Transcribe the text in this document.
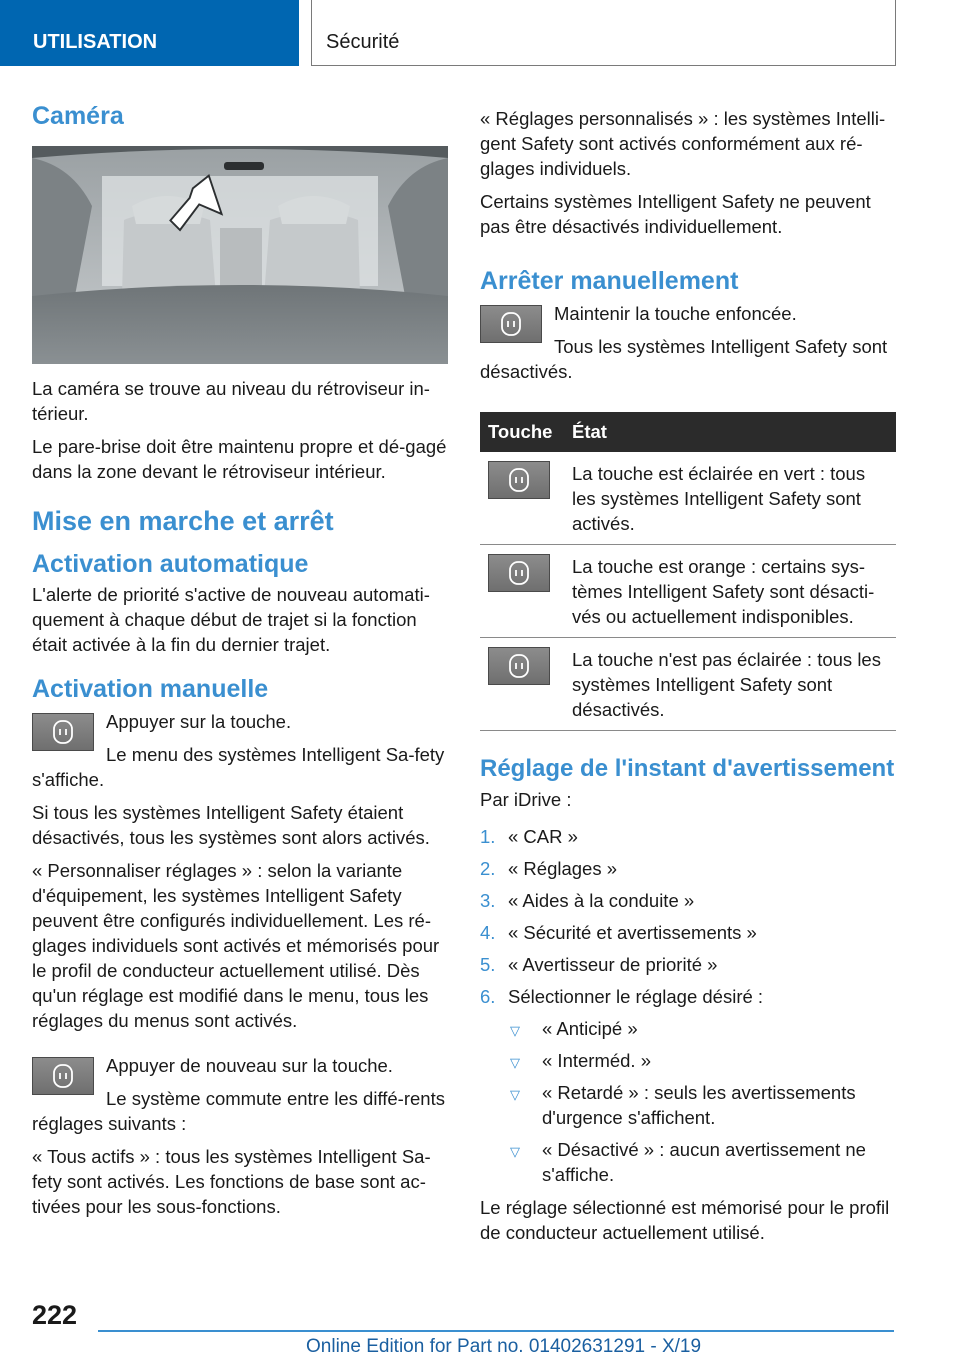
UTILISATION	Sécurité
Caméra

La caméra se trouve au niveau du rétroviseur in-térieur.

Le pare-brise doit être maintenu propre et dé-gagé dans la zone devant le rétroviseur intérieur.

Mise en marche et arrêt
Activation automatique

L'alerte de priorité s'active de nouveau automati-quement à chaque début de trajet si la fonction était activée à la fin du dernier trajet.

Activation manuelle

Appuyer sur la touche.

Le menu des systèmes Intelligent Sa-fety s'affiche.

Si tous les systèmes Intelligent Safety étaient désactivés, tous les systèmes sont alors activés.

« Personnaliser réglages » : selon la variante d'équipement, les systèmes Intelligent Safety peuvent être configurés individuellement. Les ré-glages individuels sont activés et mémorisés pour le profil de conducteur actuellement utilisé. Dès qu'un réglage est modifié dans le menu, tous les réglages du menus sont activés.

Appuyer de nouveau sur la touche.

Le système commute entre les diffé-rents réglages suivants :

« Tous actifs » : tous les systèmes Intelligent Sa-fety sont activés. Les fonctions de base sont ac-tivées pour les sous-fonctions.

« Réglages personnalisés » : les systèmes Intelli-gent Safety sont activés conformément aux ré-glages individuels.

Certains systèmes Intelligent Safety ne peuvent pas être désactivés individuellement.

Arrêter manuellement

Maintenir la touche enfoncée.

Tous les systèmes Intelligent Safety sont désactivés.

Touche	État

	La touche est éclairée en vert : tous les systèmes Intelligent Safety sont activés.

	La touche est orange : certains sys-tèmes Intelligent Safety sont désacti-vés ou actuellement indisponibles.

	La touche n'est pas éclairée : tous les systèmes Intelligent Safety sont désactivés.
Réglage de l'instant d'avertissement

Par iDrive :

1. « CAR »
2. « Réglages »
3. « Aides à la conduite »
4. « Sécurité et avertissements »
5. « Avertisseur de priorité »
6. Sélectionner le réglage désiré :
▽ « Anticipé »
▽ « Interméd. »
▽ « Retardé » : seuls les avertissements d'urgence s'affichent.
▽ « Désactivé » : aucun avertissement ne s'affiche.

Le réglage sélectionné est mémorisé pour le profil de conducteur actuellement utilisé.

222
Online Edition for Part no. 01402631291 - X/19
